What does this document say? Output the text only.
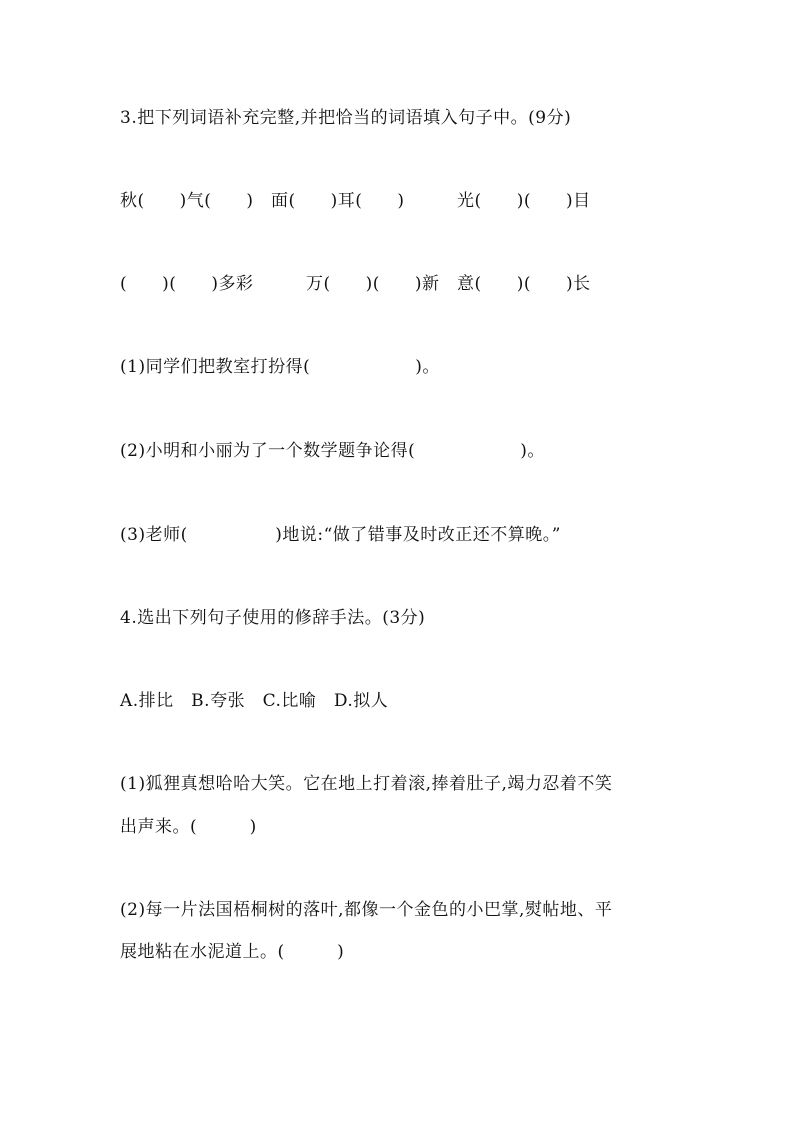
3.把下列词语补充完整,并把恰当的词语填入句子中。(9分)
秋(　　)气(　　)　面(　　)耳(　　)　　　光(　　)(　　)目
(　　)(　　)多彩　　　万(　　)(　　)新　意(　　)(　　)长
(1)同学们把教室打扮得(　　　　　　)。
(2)小明和小丽为了一个数学题争论得(　　　　　　)。
(3)老师(　　　　　)地说:“做了错事及时改正还不算晚。”
4.选出下列句子使用的修辞手法。(3分)
A.排比　B.夸张　C.比喻　D.拟人
(1)狐狸真想哈哈大笑。它在地上打着滚,捧着肚子,竭力忍着不笑
出声来。(　　　)
(2)每一片法国梧桐树的落叶,都像一个金色的小巴掌,熨帖地、平
展地粘在水泥道上。(　　　)
